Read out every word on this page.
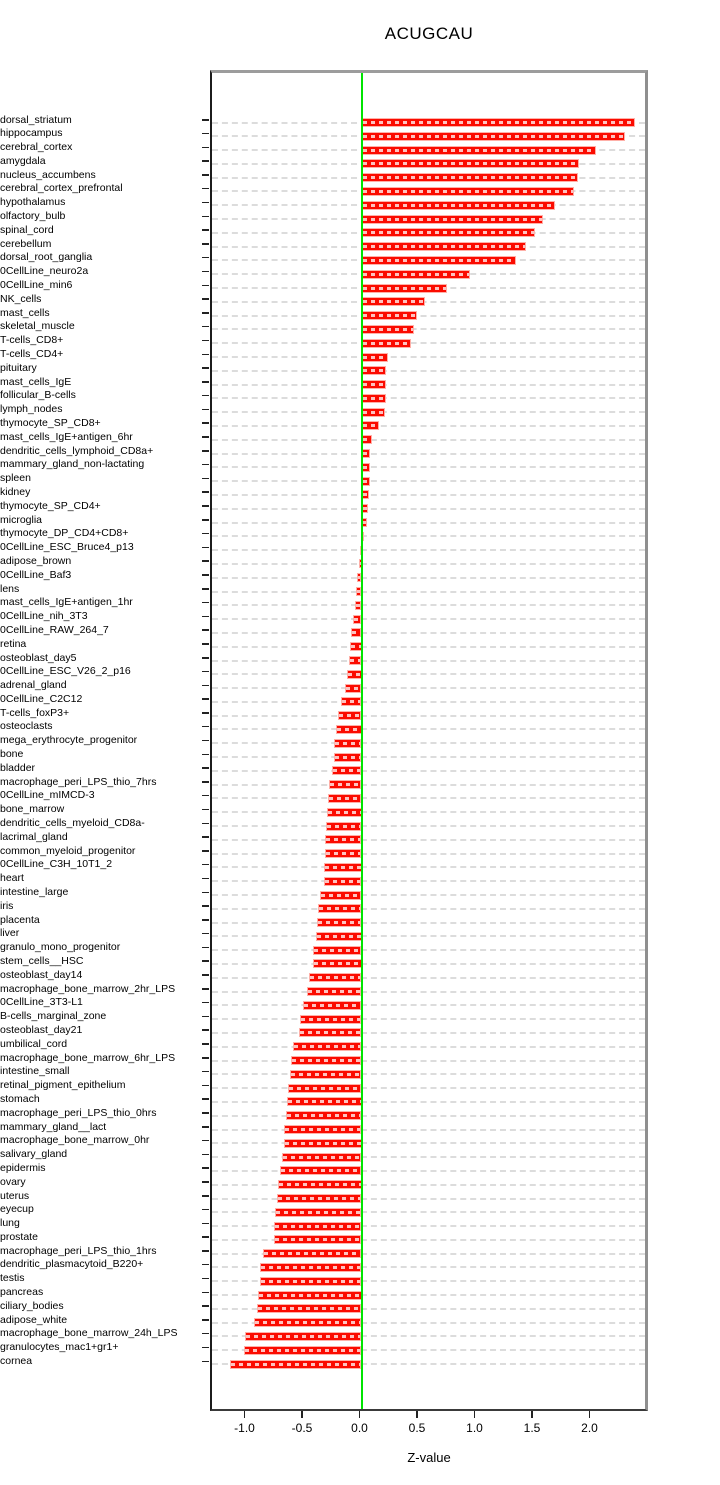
ACUGCAU
dorsal_striatum
hippocampus
cerebral_cortex
amygdala
nucleus_accumbens
cerebral_cortex_prefrontal
hypothalamus
olfactory_bulb
spinal_cord
cerebellum
dorsal_root_ganglia
0CellLine_neuro2a
0CellLine_min6
NK_cells
mast_cells
skeletal_muscle
T-cells_CD8+
T-cells_CD4+
pituitary
mast_cells_IgE
follicular_B-cells
lymph_nodes
thymocyte_SP_CD8+
mast_cells_IgE+antigen_6hr
dendritic_cells_lymphoid_CD8a+
mammary_gland_non-lactating
spleen
kidney
thymocyte_SP_CD4+
microglia
thymocyte_DP_CD4+CD8+
0CellLine_ESC_Bruce4_p13
adipose_brown
0CellLine_Baf3
lens
mast_cells_IgE+antigen_1hr
0CellLine_nih_3T3
0CellLine_RAW_264_7
retina
osteoblast_day5
0CellLine_ESC_V26_2_p16
adrenal_gland
0CellLine_C2C12
T-cells_foxP3+
osteoclasts
mega_erythrocyte_progenitor
bone
bladder
macrophage_peri_LPS_thio_7hrs
0CellLine_mIMCD-3
bone_marrow
dendritic_cells_myeloid_CD8a-
lacrimal_gland
common_myeloid_progenitor
0CellLine_C3H_10T1_2
heart
intestine_large
iris
placenta
liver
granulo_mono_progenitor
stem_cells__HSC
osteoblast_day14
macrophage_bone_marrow_2hr_LPS
0CellLine_3T3-L1
B-cells_marginal_zone
osteoblast_day21
umbilical_cord
macrophage_bone_marrow_6hr_LPS
intestine_small
retinal_pigment_epithelium
stomach
macrophage_peri_LPS_thio_0hrs
mammary_gland__lact
macrophage_bone_marrow_0hr
salivary_gland
epidermis
ovary
uterus
eyecup
lung
prostate
macrophage_peri_LPS_thio_1hrs
dendritic_plasmacytoid_B220+
testis
pancreas
ciliary_bodies
adipose_white
macrophage_bone_marrow_24h_LPS
granulocytes_mac1+gr1+
cornea
-1.0	-0.5	0.0	0.5	1.0	1.5	2.0
Z-value
